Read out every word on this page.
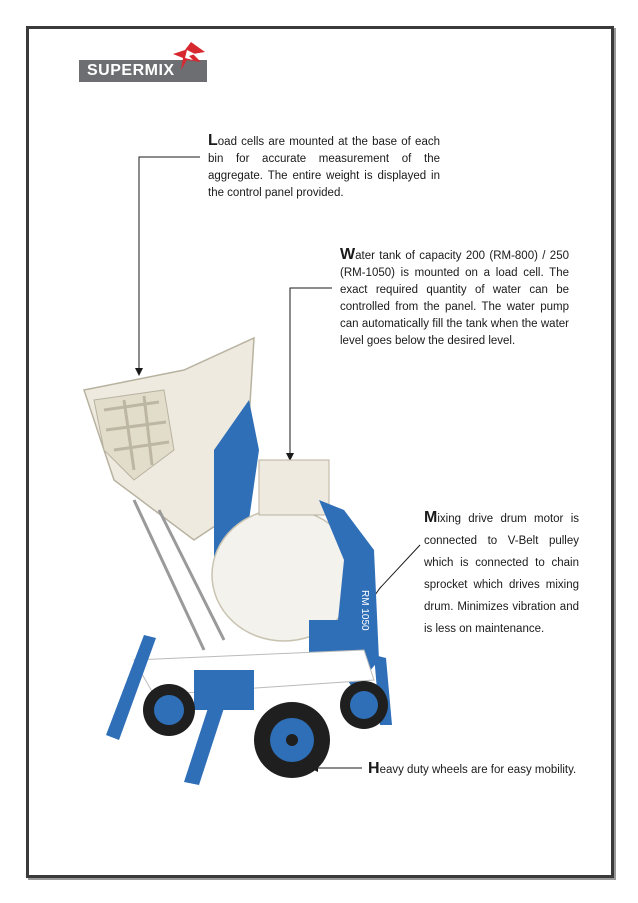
SUPERMIX
Load cells are mounted at the base of each bin for accurate measurement of the aggregate. The entire weight is displayed in the control panel provided.
Water tank of capacity 200 (RM-800) / 250 (RM-1050) is mounted on a load cell. The exact required quantity of water can be controlled from the panel. The water pump can automatically fill the tank when the water level goes below the desired level.
Mixing drive drum motor is connected to V-Belt pulley which is connected to chain sprocket which drives mixing drum. Minimizes vibration and is less on maintenance.
Heavy duty wheels are for easy mobility.
RM 1050
